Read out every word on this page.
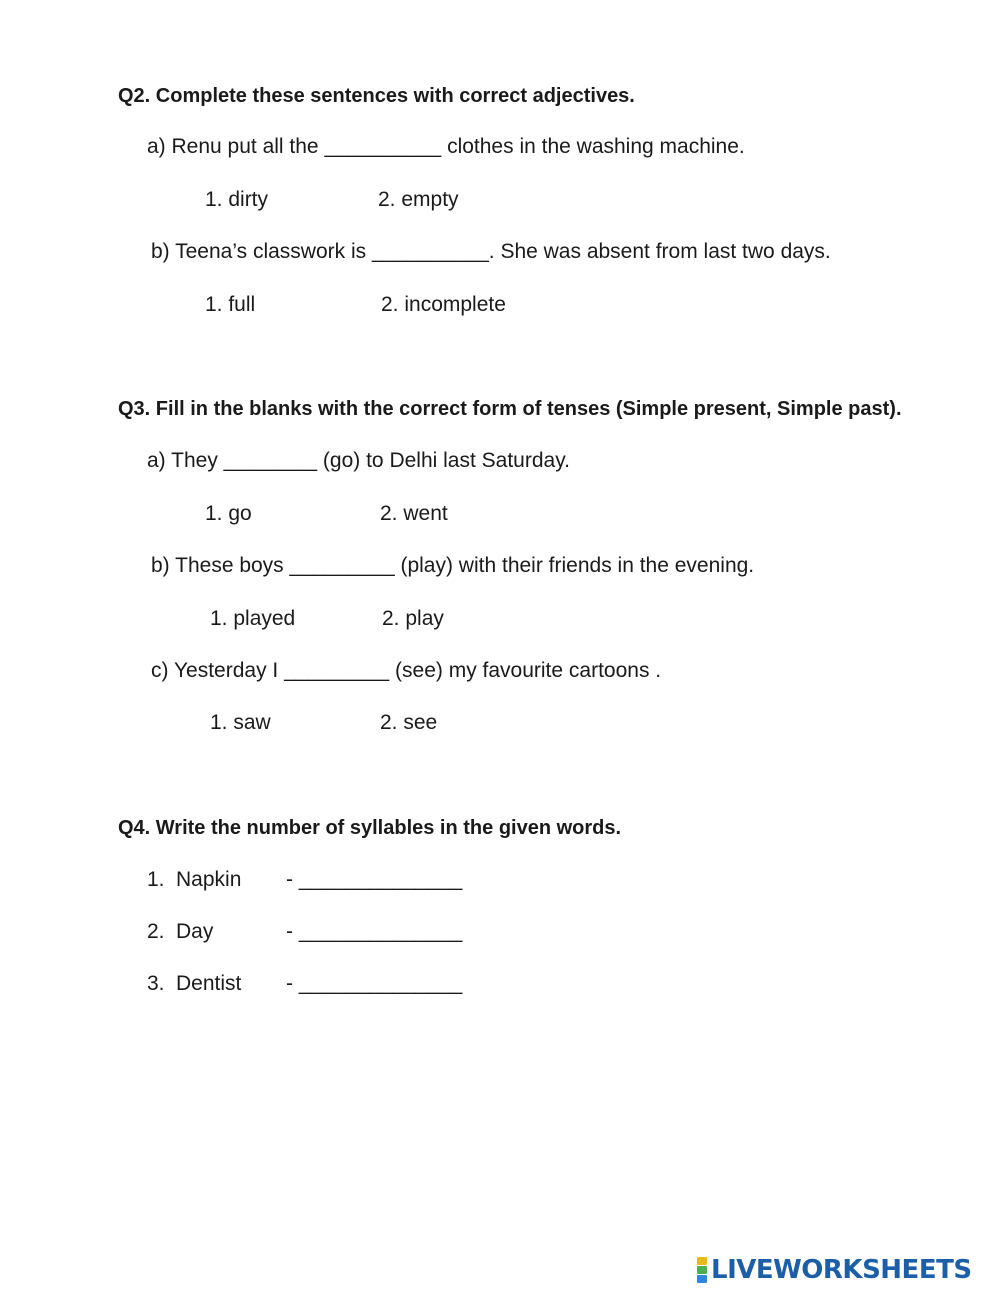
Q2. Complete these sentences with correct adjectives.
a) Renu put all the __________ clothes in the washing machine.
1. dirty	2. empty
b) Teena’s classwork is __________. She was absent from last two days.
1. full	2. incomplete
Q3. Fill in the blanks with the correct form of tenses (Simple present, Simple past).
a) They ________ (go) to Delhi last Saturday.
1. go	2. went
b) These boys _________ (play) with their friends in the evening.
1. played	2. play
c) Yesterday I _________ (see) my favourite cartoons .
1. saw	2. see
Q4. Write the number of syllables in the given words.
1. Napkin - ______________
2. Day	- ______________
3. Dentist - ______________
LIVEWORKSHEETS
